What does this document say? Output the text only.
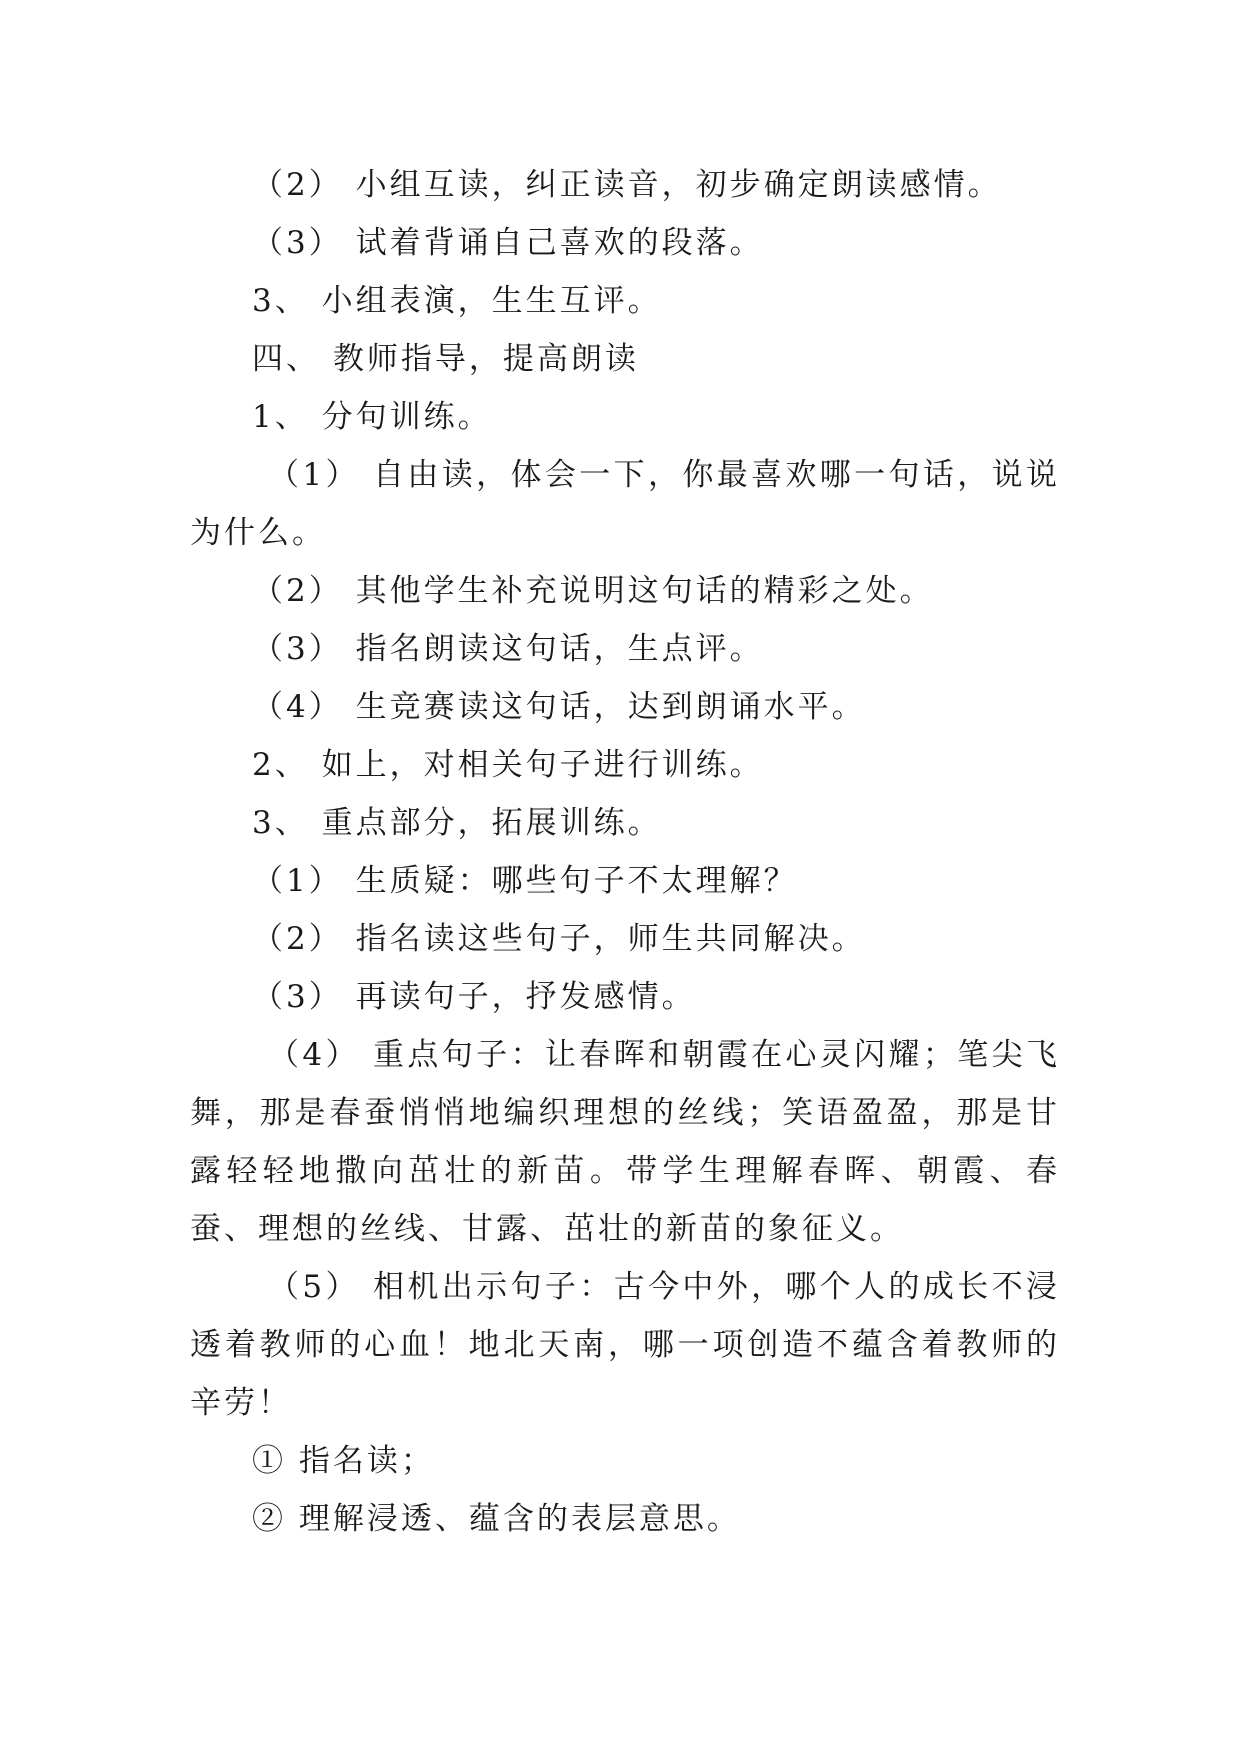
（2） 小组互读，纠正读音，初步确定朗读感情。
（3） 试着背诵自己喜欢的段落。
3、 小组表演，生生互评。
四、 教师指导，提高朗读
1、 分句训练。
（1） 自由读，体会一下，你最喜欢哪一句话，说说为什么。
（2） 其他学生补充说明这句话的精彩之处。
（3） 指名朗读这句话，生点评。
（4） 生竞赛读这句话，达到朗诵水平。
2、 如上，对相关句子进行训练。
3、 重点部分，拓展训练。
（1） 生质疑：哪些句子不太理解？
（2） 指名读这些句子，师生共同解决。
（3） 再读句子，抒发感情。
（4） 重点句子：让春晖和朝霞在心灵闪耀；笔尖飞舞，那是春蚕悄悄地编织理想的丝线；笑语盈盈，那是甘露轻轻地撒向茁壮的新苗。带学生理解春晖、朝霞、春蚕、理想的丝线、甘露、茁壮的新苗的象征义。
（5） 相机出示句子：古今中外，哪个人的成长不浸透着教师的心血！地北天南，哪一项创造不蕴含着教师的辛劳！
① 指名读；
② 理解浸透、蕴含的表层意思。
